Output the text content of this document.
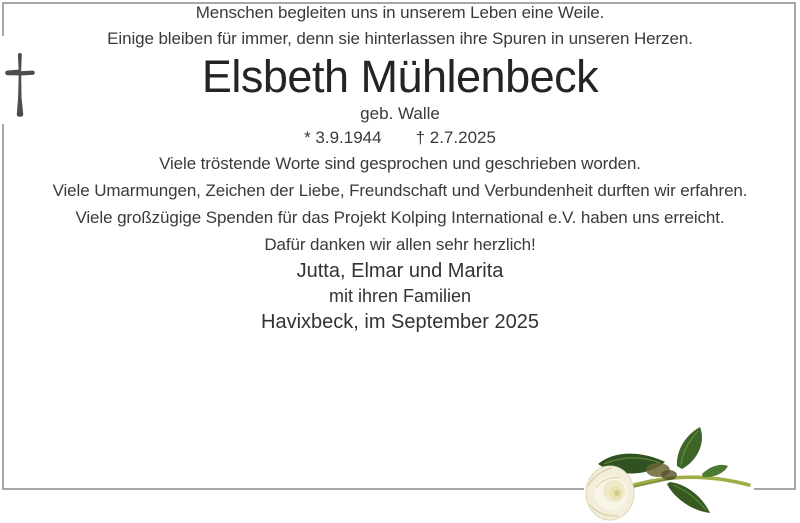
Menschen begleiten uns in unserem Leben eine Weile.
Einige bleiben für immer, denn sie hinterlassen ihre Spuren in unseren Herzen.
Elsbeth Mühlenbeck
geb. Walle
* 3.9.1944 † 2.7.2025
Viele tröstende Worte sind gesprochen und geschrieben worden.
Viele Umarmungen, Zeichen der Liebe, Freundschaft und Verbundenheit durften wir erfahren.
Viele großzügige Spenden für das Projekt Kolping International e.V. haben uns erreicht.
Dafür danken wir allen sehr herzlich!
Jutta, Elmar und Marita
mit ihren Familien
Havixbeck, im September 2025
